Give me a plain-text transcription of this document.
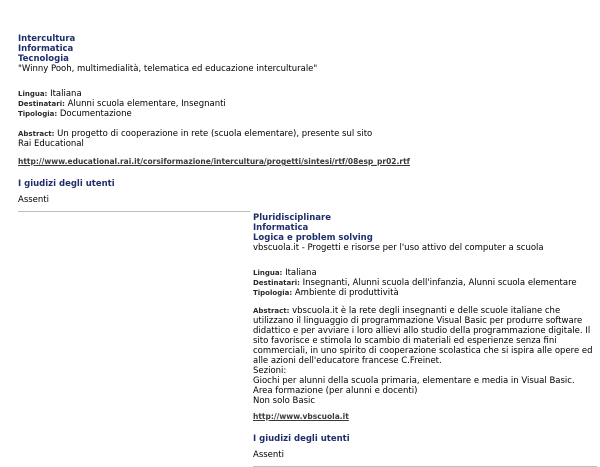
Intercultura
Informatica
Tecnologia
"Winny Pooh, multimedialità, telematica ed educazione interculturale"
Lingua: Italiana
Destinatari: Alunni scuola elementare, Insegnanti
Tipologia: Documentazione
Abstract: Un progetto di cooperazione in rete (scuola elementare), presente sul sito Rai Educational
http://www.educational.rai.it/corsiformazione/intercultura/progetti/sintesi/rtf/08esp_pr02.rtf
I giudizi degli utenti
Assenti
Pluridisciplinare
Informatica
Logica e problem solving
vbscuola.it - Progetti e risorse per l'uso attivo del computer a scuola
Lingua: Italiana
Destinatari: Insegnanti, Alunni scuola dell'infanzia, Alunni scuola elementare
Tipologia: Ambiente di produttività
Abstract: vbscuola.it è la rete degli insegnanti e delle scuole italiane che utilizzano il linguaggio di programmazione Visual Basic per produrre software didattico e per avviare i loro allievi allo studio della programmazione digitale. Il sito favorisce e stimola lo scambio di materiali ed esperienze senza fini commerciali, in uno spirito di cooperazione scolastica che si ispira alle opere ed alle azioni dell'educatore francese C.Freinet.
Sezioni:
Giochi per alunni della scuola primaria, elementare e media in Visual Basic.
Area formazione (per alunni e docenti)
Non solo Basic
http://www.vbscuola.it
I giudizi degli utenti
Assenti
